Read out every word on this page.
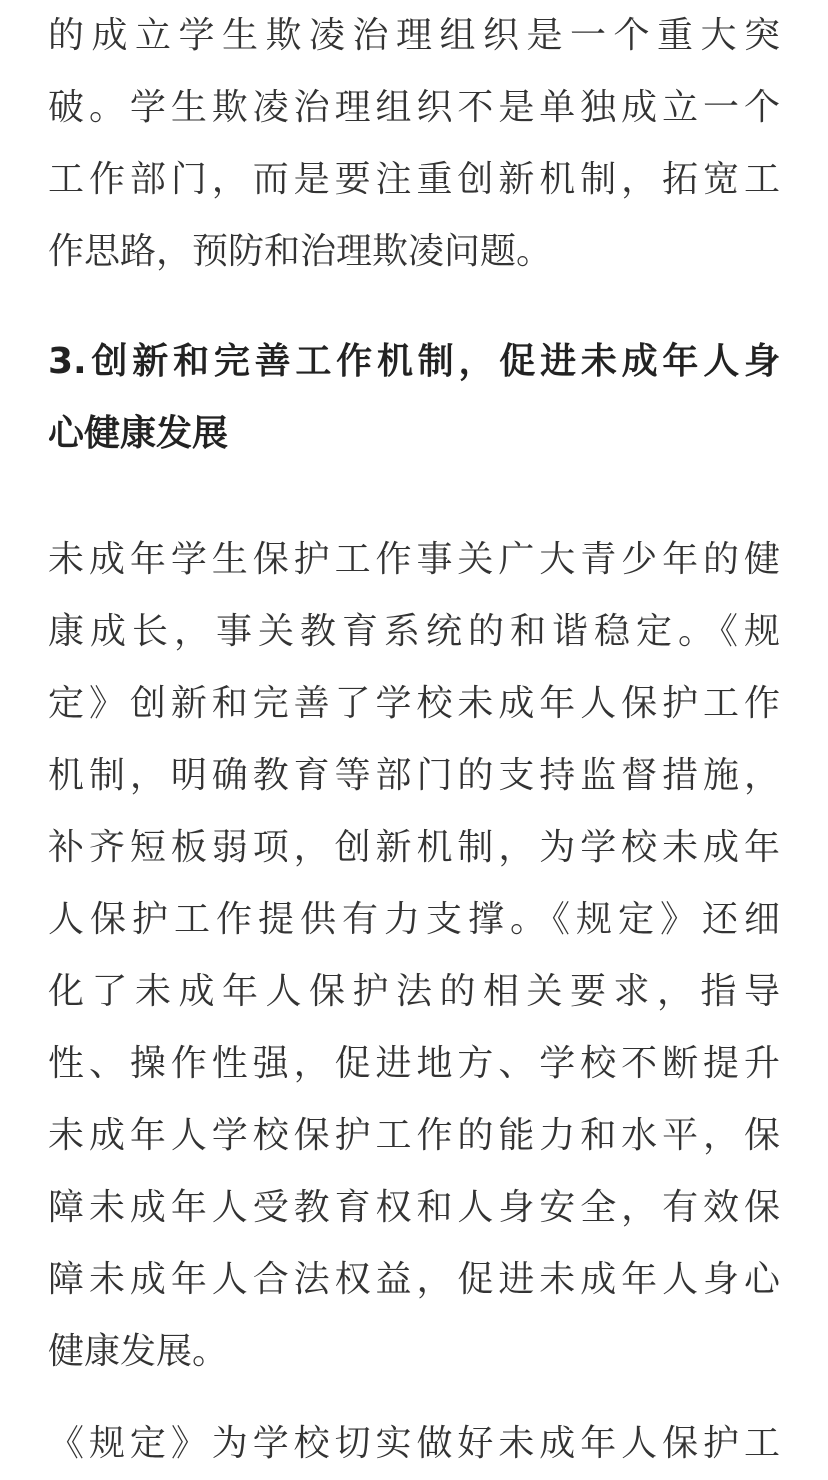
的成立学生欺凌治理组织是一个重大突
破。学生欺凌治理组织不是单独成立一个
工作部门，而是要注重创新机制，拓宽工
作思路，预防和治理欺凌问题。
3.创新和完善工作机制，促进未成年人身
心健康发展
未成年学生保护工作事关广大青少年的健
康成长，事关教育系统的和谐稳定。《规
定》创新和完善了学校未成年人保护工作
机制，明确教育等部门的支持监督措施，
补齐短板弱项，创新机制，为学校未成年
人保护工作提供有力支撑。《规定》还细
化了未成年人保护法的相关要求，指导
性、操作性强，促进地方、学校不断提升
未成年人学校保护工作的能力和水平，保
障未成年人受教育权和人身安全，有效保
障未成年人合法权益，促进未成年人身心
健康发展。
《规定》为学校切实做好未成年人保护工
